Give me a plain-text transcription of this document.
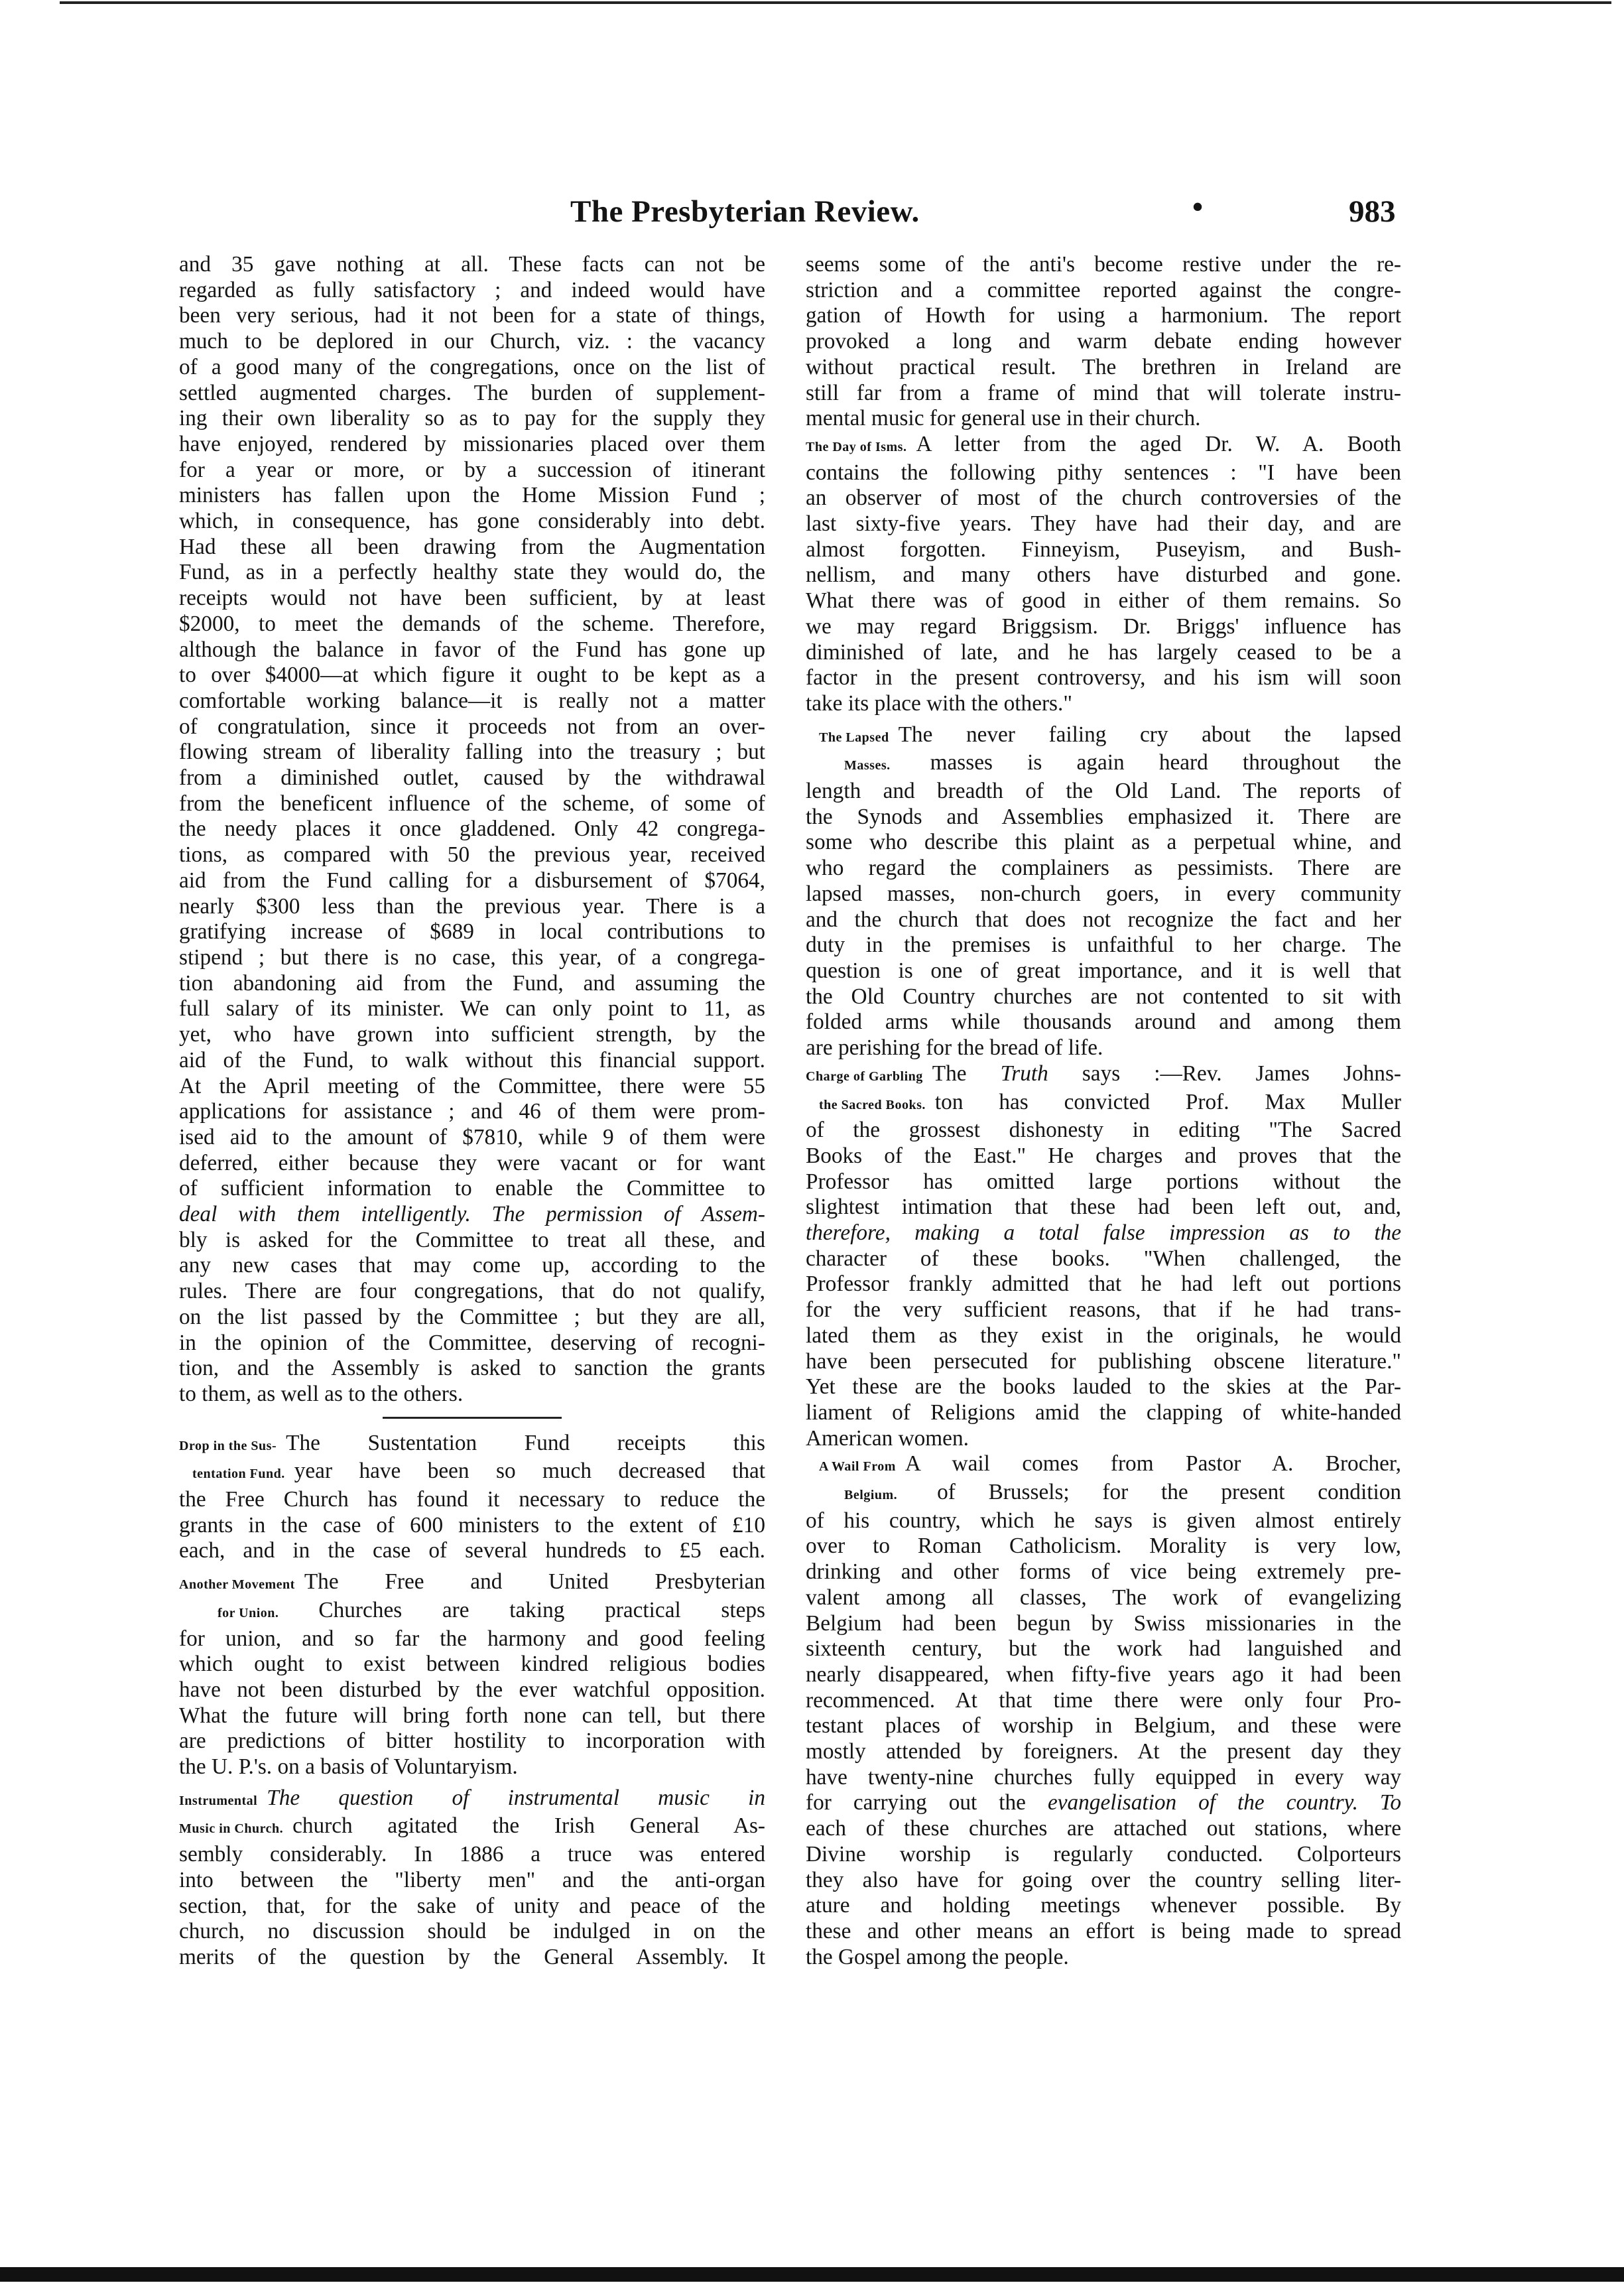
The Presbyterian Review.	•	983

and 35 gave nothing at all. These facts can not be

regarded as fully satisfactory ; and indeed would have

been very serious, had it not been for a state of things,

much to be deplored in our Church, viz. : the vacancy

of a good many of the congregations, once on the list of

settled augmented charges. The burden of supplement-

ing their own liberality so as to pay for the supply they

have enjoyed, rendered by missionaries placed over them

for a year or more, or by a succession of itinerant

ministers has fallen upon the Home Mission Fund ;

which, in consequence, has gone considerably into debt.

Had these all been drawing from the Augmentation

Fund, as in a perfectly healthy state they would do, the

receipts would not have been sufficient, by at least

$2000, to meet the demands of the scheme. Therefore,

although the balance in favor of the Fund has gone up

to over $4000—at which figure it ought to be kept as a

comfortable working balance—it is really not a matter

of congratulation, since it proceeds not from an over-

flowing stream of liberality falling into the treasury ; but

from a diminished outlet, caused by the withdrawal

from the beneficent influence of the scheme, of some of

the needy places it once gladdened. Only 42 congrega-

tions, as compared with 50 the previous year, received

aid from the Fund calling for a disbursement of $7064,

nearly $300 less than the previous year. There is a

gratifying increase of $689 in local contributions to

stipend ; but there is no case, this year, of a congrega-

tion abandoning aid from the Fund, and assuming the

full salary of its minister. We can only point to 11, as

yet, who have grown into sufficient strength, by the

aid of the Fund, to walk without this financial support.

At the April meeting of the Committee, there were 55

applications for assistance ; and 46 of them were prom-

ised aid to the amount of $7810, while 9 of them were

deferred, either because they were vacant or for want

of sufficient information to enable the Committee to

deal with them intelligently. The permission of Assem-

bly is asked for the Committee to treat all these, and

any new cases that may come up, according to the

rules. There are four congregations, that do not qualify,

on the list passed by the Committee ; but they are all,

in the opinion of the Committee, deserving of recogni-

tion, and the Assembly is asked to sanction the grants

to them, as well as to the others.

Drop in the Sus- The Sustentation Fund receipts this
tentation Fund. year have been so much decreased that

the Free Church has found it necessary to reduce the

grants in the case of 600 ministers to the extent of £10

each, and in the case of several hundreds to £5 each.

Another Movement The Free and United Presbyterian
for Union. Churches are taking practical steps

for union, and so far the harmony and good feeling

which ought to exist between kindred religious bodies

have not been disturbed by the ever watchful opposition.

What the future will bring forth none can tell, but there

are predictions of bitter hostility to incorporation with

the U. P.'s. on a basis of Voluntaryism.

Instrumental The question of instrumental music in
Music in Church. church agitated the Irish General As-

sembly considerably. In 1886 a truce was entered

into between the "liberty men" and the anti-organ

section, that, for the sake of unity and peace of the

church, no discussion should be indulged in on the

merits of the question by the General Assembly. It

seems some of the anti's become restive under the re-

striction and a committee reported against the congre-

gation of Howth for using a harmonium. The report

provoked a long and warm debate ending however

without practical result. The brethren in Ireland are

still far from a frame of mind that will tolerate instru-

mental music for general use in their church.

The Day of Isms. A letter from the aged Dr. W. A. Booth

contains the following pithy sentences : "I have been

an observer of most of the church controversies of the

last sixty-five years. They have had their day, and are

almost forgotten. Finneyism, Puseyism, and Bush-

nellism, and many others have disturbed and gone.

What there was of good in either of them remains. So

we may regard Briggsism. Dr. Briggs' influence has

diminished of late, and he has largely ceased to be a

factor in the present controversy, and his ism will soon

take its place with the others."

The Lapsed The never failing cry about the lapsed
Masses. masses is again heard throughout the

length and breadth of the Old Land. The reports of

the Synods and Assemblies emphasized it. There are

some who describe this plaint as a perpetual whine, and

who regard the complainers as pessimists. There are

lapsed masses, non-church goers, in every community

and the church that does not recognize the fact and her

duty in the premises is unfaithful to her charge. The

question is one of great importance, and it is well that

the Old Country churches are not contented to sit with

folded arms while thousands around and among them

are perishing for the bread of life.

Charge of Garbling The Truth says :—Rev. James Johns-
the Sacred Books. ton has convicted Prof. Max Muller

of the grossest dishonesty in editing "The Sacred

Books of the East." He charges and proves that the

Professor has omitted large portions without the

slightest intimation that these had been left out, and,

therefore, making a total false impression as to the

character of these books. "When challenged, the

Professor frankly admitted that he had left out portions

for the very sufficient reasons, that if he had trans-

lated them as they exist in the originals, he would

have been persecuted for publishing obscene literature."

Yet these are the books lauded to the skies at the Par-

liament of Religions amid the clapping of white-handed

American women.

A Wail From A wail comes from Pastor A. Brocher,
Belgium. of Brussels; for the present condition

of his country, which he says is given almost entirely

over to Roman Catholicism. Morality is very low,

drinking and other forms of vice being extremely pre-

valent among all classes, The work of evangelizing

Belgium had been begun by Swiss missionaries in the

sixteenth century, but the work had languished and

nearly disappeared, when fifty-five years ago it had been

recommenced. At that time there were only four Pro-

testant places of worship in Belgium, and these were

mostly attended by foreigners. At the present day they

have twenty-nine churches fully equipped in every way

for carrying out the evangelisation of the country. To

each of these churches are attached out stations, where

Divine worship is regularly conducted. Colporteurs

they also have for going over the country selling liter-

ature and holding meetings whenever possible. By

these and other means an effort is being made to spread

the Gospel among the people.
